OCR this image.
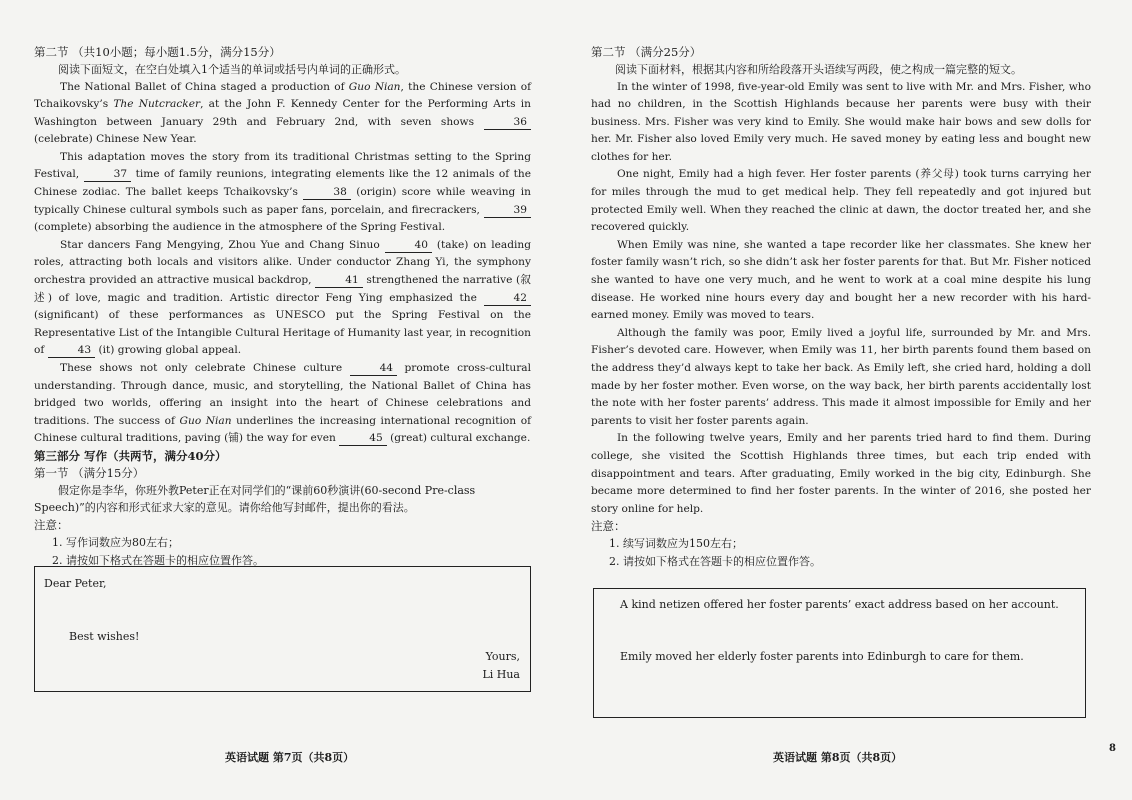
第二节 （共10小题；每小题1.5分，满分15分）
阅读下面短文，在空白处填入1个适当的单词或括号内单词的正确形式。

The National Ballet of China staged a production of Guo Nian, the Chinese version of Tchaikovsky’s The Nutcracker, at the John F. Kennedy Center for the Performing Arts in Washington between January 29th and February 2nd, with seven shows	36 (celebrate) Chinese New Year.

This adaptation moves the story from its traditional Christmas setting to the Spring Festival,	37 time of family reunions, integrating elements like the 12 animals of the Chinese zodiac. The ballet keeps Tchaikovsky’s	38 (origin) score while weaving in typically Chinese cultural symbols such as paper fans, porcelain, and firecrackers,	39 (complete) absorbing the audience in the atmosphere of the Spring Festival.

Star dancers Fang Mengying, Zhou Yue and Chang Sinuo	40 (take) on leading roles, attracting both locals and visitors alike. Under conductor Zhang Yi, the symphony orchestra provided an attractive musical backdrop,	41 strengthened the narrative (叙述) of love, magic and tradition. Artistic director Feng Ying emphasized the	42 (significant) of these performances as UNESCO put the Spring Festival on the Representative List of the Intangible Cultural Heritage of Humanity last year, in recognition of	43 (it) growing global appeal.

These shows not only celebrate Chinese culture	44 promote cross-cultural understanding. Through dance, music, and storytelling, the National Ballet of China has bridged two worlds, offering an insight into the heart of Chinese celebrations and traditions. The success of Guo Nian underlines the increasing international recognition of Chinese cultural traditions, paving (铺) the way for even	45 (great) cultural exchange.

第三部分 写作（共两节，满分40分）
第一节 （满分15分）
假定你是李华，你班外教Peter正在对同学们的“课前60秒演讲(60-second Pre-class Speech)”的内容和形式征求大家的意见。请你给他写封邮件，提出你的看法。
注意：
1. 写作词数应为80左右；
2. 请按如下格式在答题卡的相应位置作答。
Dear Peter,
Best wishes!
Yours,
Li Hua
英语试题 第7页（共8页）
第二节 （满分25分）
阅读下面材料，根据其内容和所给段落开头语续写两段，使之构成一篇完整的短文。

In the winter of 1998, five-year-old Emily was sent to live with Mr. and Mrs. Fisher, who had no children, in the Scottish Highlands because her parents were busy with their business. Mrs. Fisher was very kind to Emily. She would make hair bows and sew dolls for her. Mr. Fisher also loved Emily very much. He saved money by eating less and bought new clothes for her.

One night, Emily had a high fever. Her foster parents (养父母) took turns carrying her for miles through the mud to get medical help. They fell repeatedly and got injured but protected Emily well. When they reached the clinic at dawn, the doctor treated her, and she recovered quickly.

When Emily was nine, she wanted a tape recorder like her classmates. She knew her foster family wasn’t rich, so she didn’t ask her foster parents for that. But Mr. Fisher noticed she wanted to have one very much, and he went to work at a coal mine despite his lung disease. He worked nine hours every day and bought her a new recorder with his hard-earned money. Emily was moved to tears.

Although the family was poor, Emily lived a joyful life, surrounded by Mr. and Mrs. Fisher’s devoted care. However, when Emily was 11, her birth parents found them based on the address they’d always kept to take her back. As Emily left, she cried hard, holding a doll made by her foster mother. Even worse, on the way back, her birth parents accidentally lost the note with her foster parents’ address. This made it almost impossible for Emily and her parents to visit her foster parents again.

In the following twelve years, Emily and her parents tried hard to find them. During college, she visited the Scottish Highlands three times, but each trip ended with disappointment and tears. After graduating, Emily worked in the big city, Edinburgh. She became more determined to find her foster parents. In the winter of 2016, she posted her story online for help.

注意：
1. 续写词数应为150左右；
2. 请按如下格式在答题卡的相应位置作答。
A kind netizen offered her foster parents’ exact address based on her account.
Emily moved her elderly foster parents into Edinburgh to care for them.
英语试题 第8页（共8页）
8
